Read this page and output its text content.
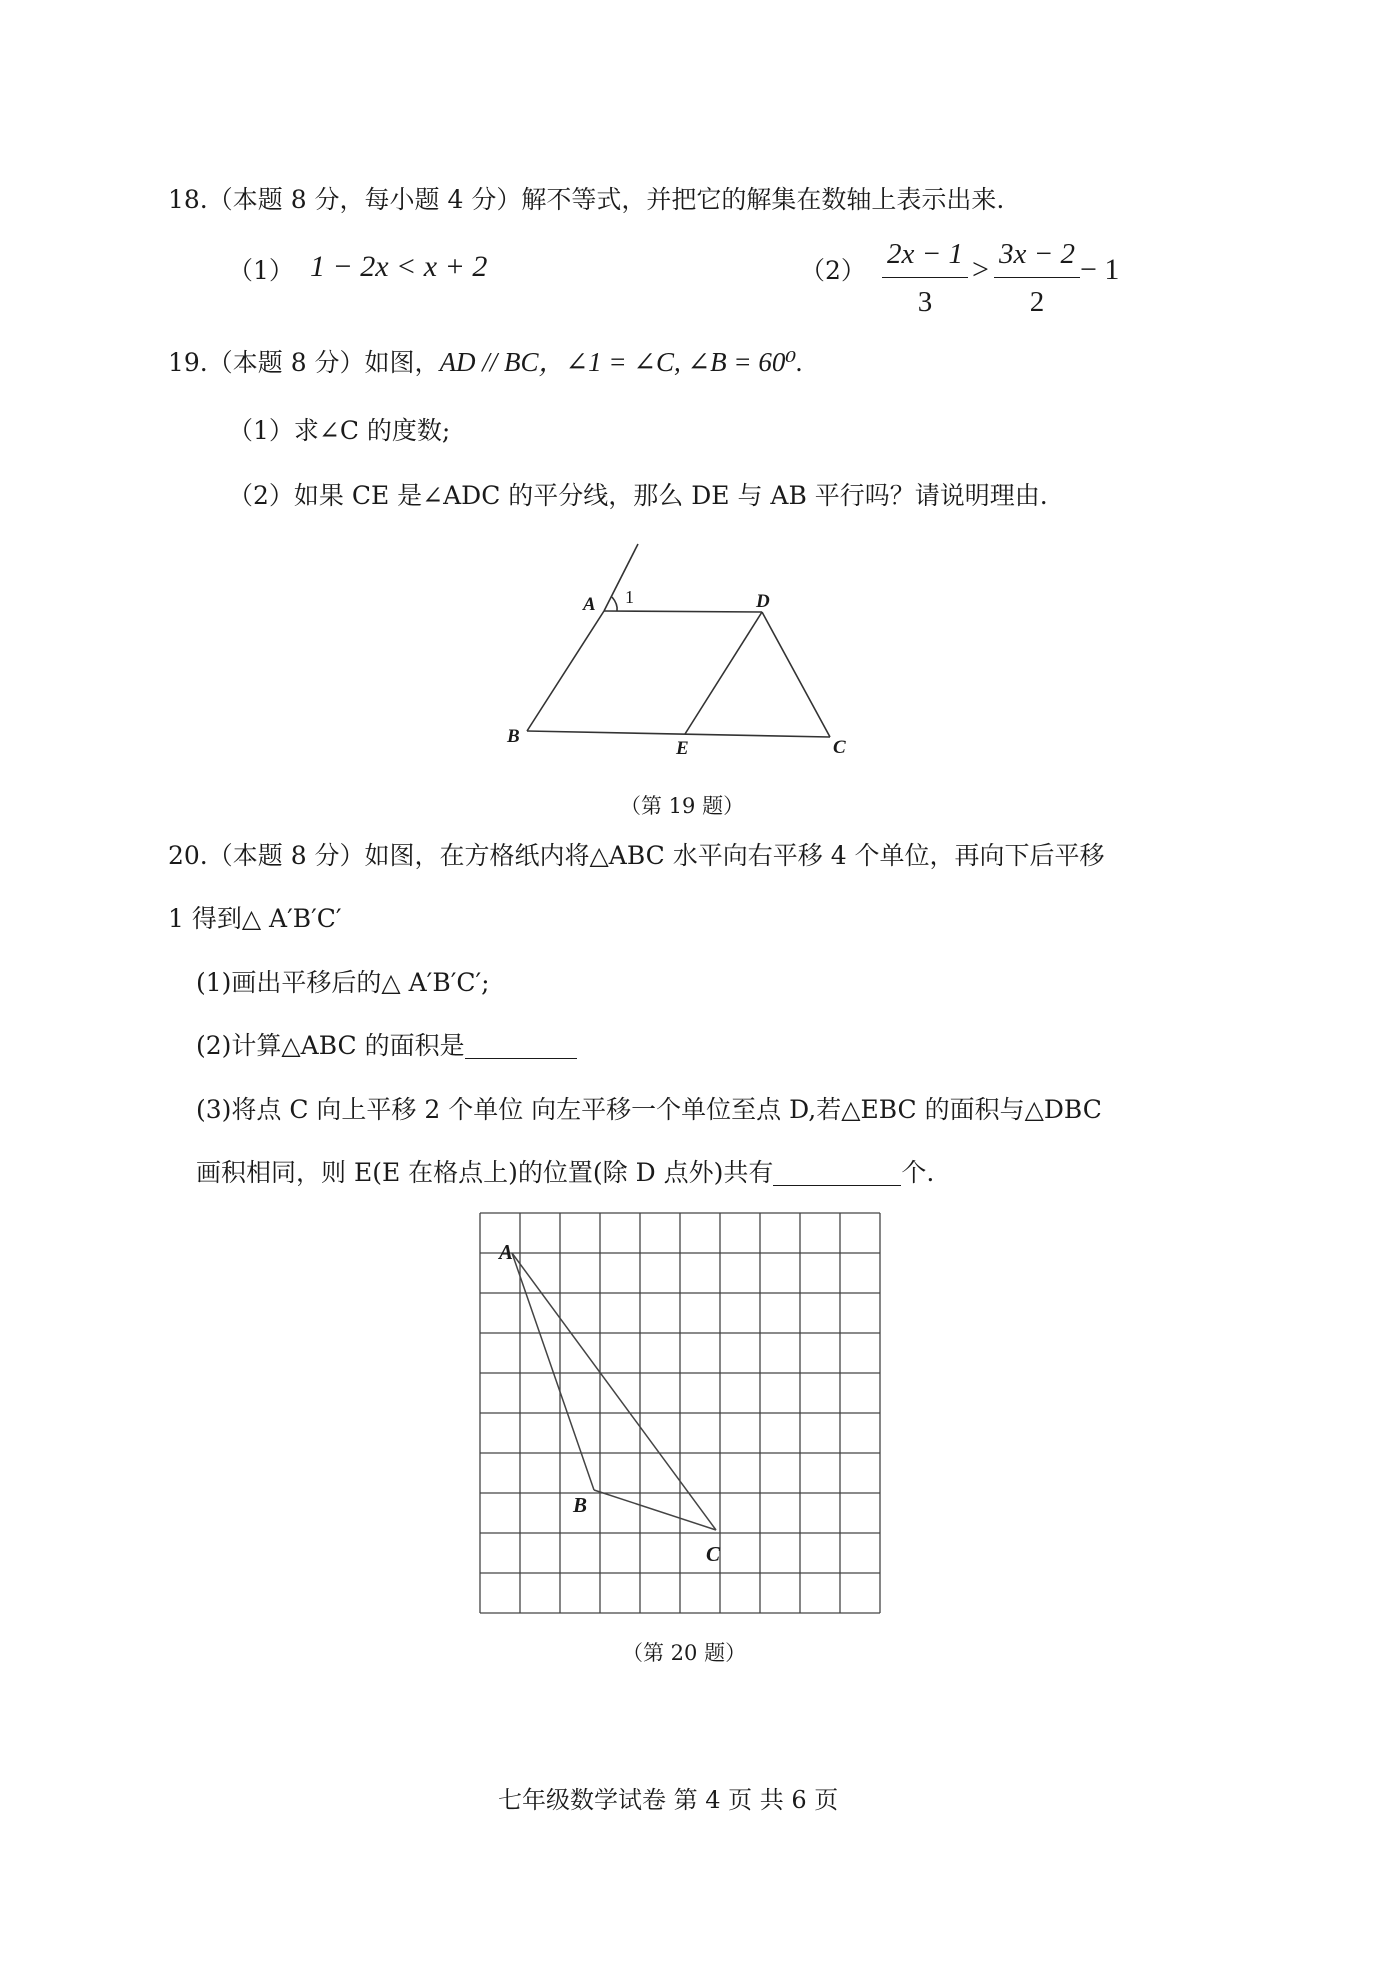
18.（本题 8 分，每小题 4 分）解不等式，并把它的解集在数轴上表示出来.
（1） 1 − 2x < x + 2	（2）
2x − 1
3
> 3x − 2
2
− 1
19.（本题 8 分）如图，AD // BC，∠1 = ∠C, ∠B = 60⁰.
（1）求∠C 的度数;
（2）如果 CE 是∠ADC 的平分线，那么 DE 与 AB 平行吗？请说明理由.
A 1	D
B
E	C
（第 19 题）
20.（本题 8 分）如图，在方格纸内将△ABC 水平向右平移 4 个单位，再向下后平移
1 得到△ A′B′C′
(1)画出平移后的△ A′B′C′;
(2)计算△ABC 的面积是
(3)将点 C 向上平移 2 个单位 向左平移一个单位至点 D,若△EBC 的面积与△DBC
画积相同，则 E(E 在格点上)的位置(除 D 点外)共有	个.
A
B
C
（第 20 题）
七年级数学试卷 第 4 页 共 6 页
